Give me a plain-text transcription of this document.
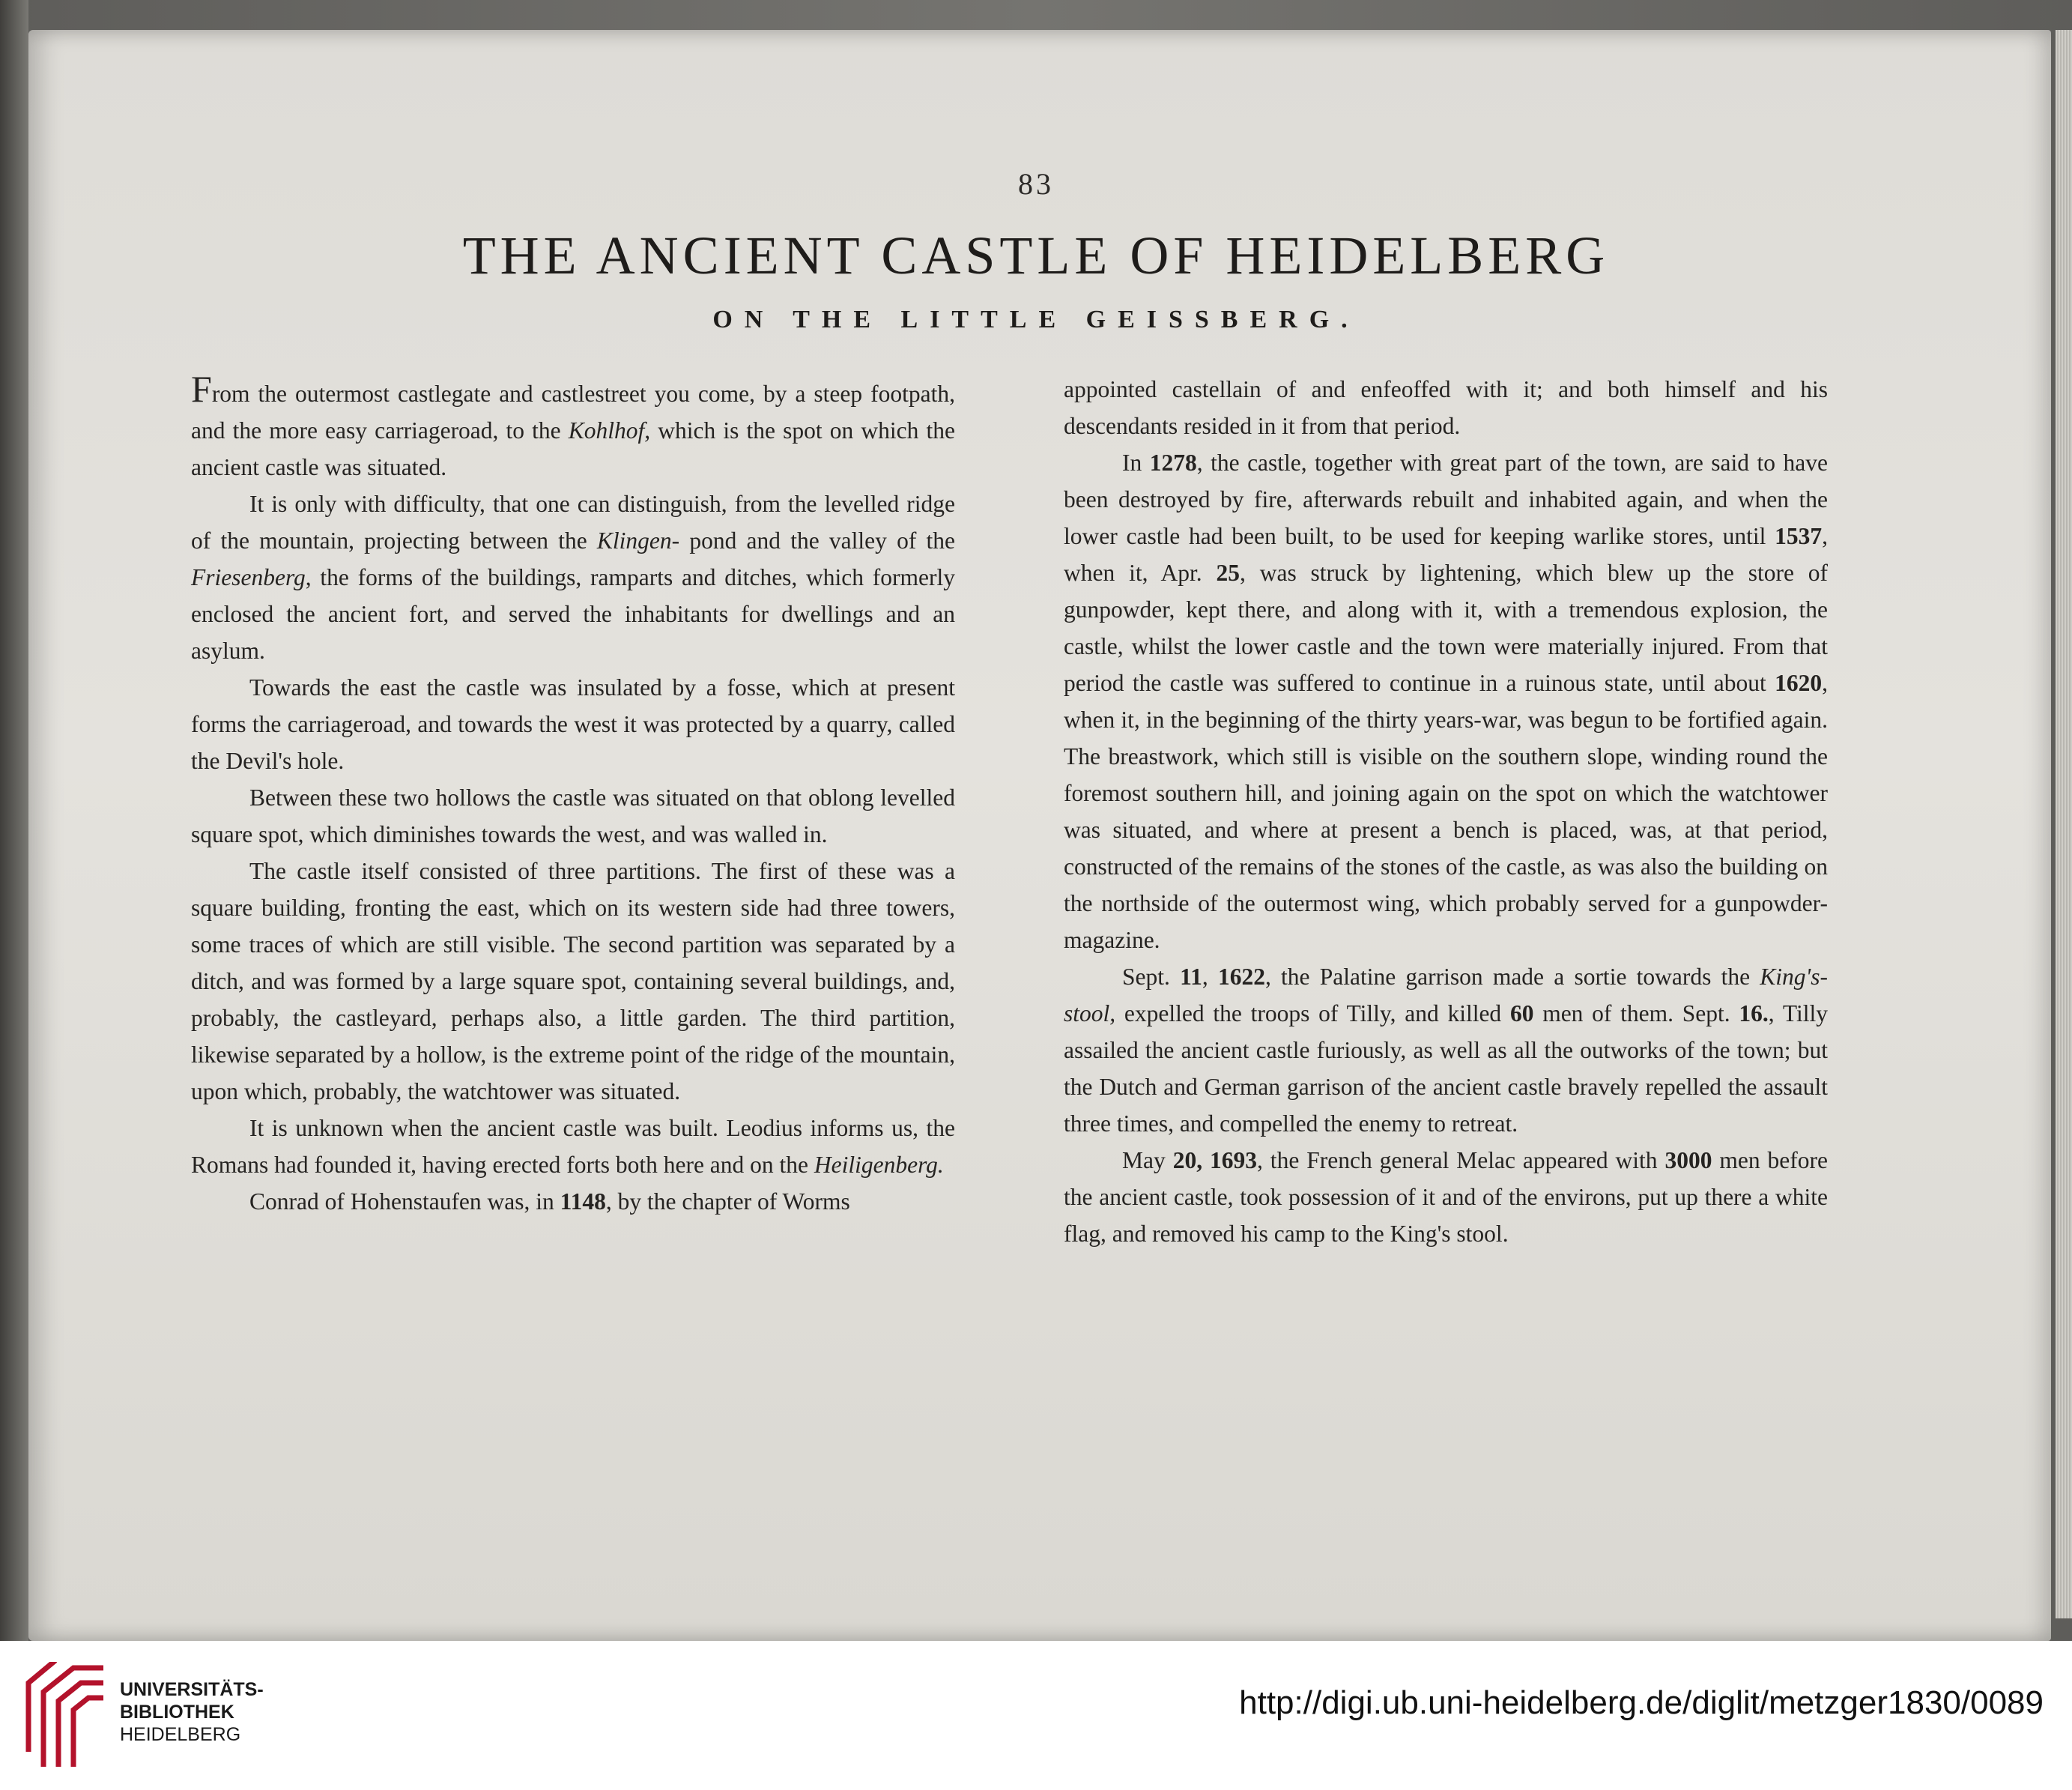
83
THE ANCIENT CASTLE OF HEIDELBERG
ON THE LITTLE GEISSBERG.

From the outermost castlegate and castlestreet you come, by a steep footpath, and the more easy carriageroad, to the Kohlhof, which is the spot on which the ancient castle was situated.

It is only with difficulty, that one can distinguish, from the levelled ridge of the mountain, projecting between the Klingen- pond and the valley of the Friesenberg, the forms of the buildings, ramparts and ditches, which formerly enclosed the ancient fort, and served the inhabitants for dwellings and an asylum.

Towards the east the castle was insulated by a fosse, which at present forms the carriageroad, and towards the west it was protected by a quarry, called the Devil's hole.

Between these two hollows the castle was situated on that oblong levelled square spot, which diminishes towards the west, and was walled in.

The castle itself consisted of three partitions. The first of these was a square building, fronting the east, which on its western side had three towers, some traces of which are still visible. The second partition was separated by a ditch, and was formed by a large square spot, containing several buildings, and, probably, the castleyard, perhaps also, a little garden. The third partition, likewise separated by a hollow, is the extreme point of the ridge of the mountain, upon which, probably, the watchtower was situated.

It is unknown when the ancient castle was built. Leodius informs us, the Romans had founded it, having erected forts both here and on the Heiligenberg.

Conrad of Hohenstaufen was, in 1148, by the chapter of Worms

appointed castellain of and enfeoffed with it; and both himself and his descendants resided in it from that period.

In 1278, the castle, together with great part of the town, are said to have been destroyed by fire, afterwards rebuilt and inhabited again, and when the lower castle had been built, to be used for keeping warlike stores, until 1537, when it, Apr. 25, was struck by lightening, which blew up the store of gunpowder, kept there, and along with it, with a tremendous explosion, the castle, whilst the lower castle and the town were materially injured. From that period the castle was suffered to continue in a ruinous state, until about 1620, when it, in the beginning of the thirty years-war, was begun to be fortified again. The breastwork, which still is visible on the southern slope, winding round the foremost southern hill, and joining again on the spot on which the watchtower was situated, and where at present a bench is placed, was, at that period, constructed of the remains of the stones of the castle, as was also the building on the northside of the outermost wing, which probably served for a gunpowder-magazine.

Sept. 11, 1622, the Palatine garrison made a sortie towards the King's-stool, expelled the troops of Tilly, and killed 60 men of them. Sept. 16., Tilly assailed the ancient castle furiously, as well as all the outworks of the town; but the Dutch and German garrison of the ancient castle bravely repelled the assault three times, and compelled the enemy to retreat.

May 20, 1693, the French general Melac appeared with 3000 men before the ancient castle, took possession of it and of the environs, put up there a white flag, and removed his camp to the King's stool.

UNIVERSITÄTS-
BIBLIOTHEK
HEIDELBERG
http://digi.ub.uni-heidelberg.de/diglit/metzger1830/0089
